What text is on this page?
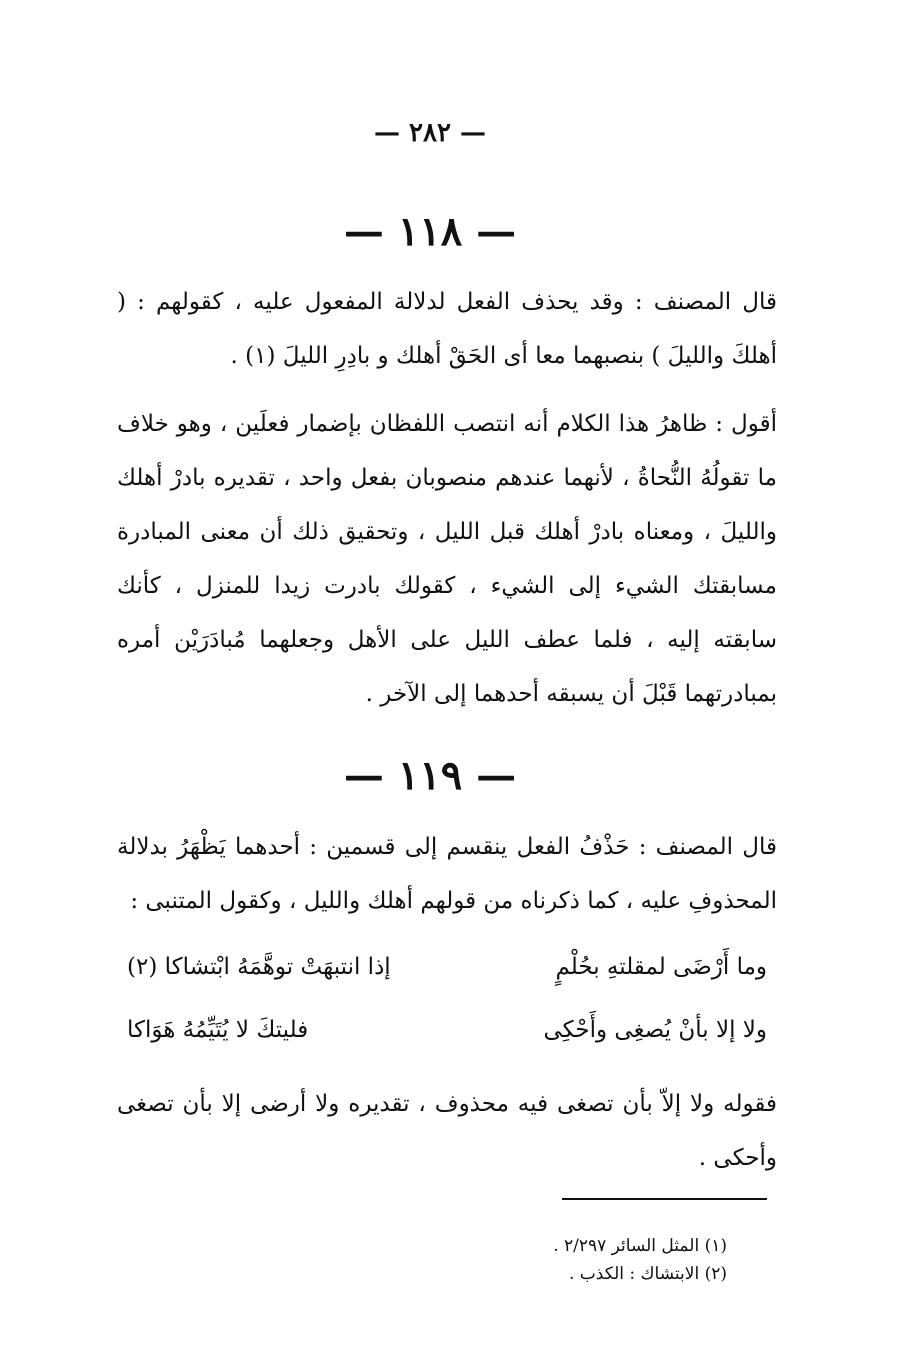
— ٢٨٢ —
— ١١٨ —

قال المصنف : وقد يحذف الفعل لدلالة المفعول عليه ، كقولهم : ( أهلكَ والليلَ ) بنصبهما معا أى الحَقْ أهلك و بادِرِ الليلَ (١) .

أقول : ظاهرُ هذا الكلام أنه انتصب اللفظان بإضمار فعلَين ، وهو خلاف ما تقولُهُ النُّحاةُ ، لأنهما عندهم منصوبان بفعل واحد ، تقديره بادرْ أهلك والليلَ ، ومعناه بادرْ أهلك قبل الليل ، وتحقيق ذلك أن معنى المبادرة مسابقتك الشيء إلى الشيء ، كقولك بادرت زيدا للمنزل ، كأنك سابقته إليه ، فلما عطف الليل على الأهل وجعلهما مُبادَرَيْن أمره بمبادرتهما قَبْلَ أن يسبقه أحدهما إلى الآخر .

— ١١٩ —

قال المصنف : حَذْفُ الفعل ينقسم إلى قسمين : أحدهما يَظْهَرُ بدلالة المحذوفِ عليه ، كما ذكرناه من قولهم أهلك والليل ، وكقول المتنبى :

وما أَرْضَى لمقلتهِ بحُلْمٍ
إذا انتبهَتْ توهَّمَهُ ابْتشاكا (٢)
ولا إلا بأنْ يُصغِى وأَحْكِى
فليتكَ لا يُتَيِّمُهُ هَوَاكا

فقوله ولا إلاّ بأن تصغى فيه محذوف ، تقديره ولا أرضى إلا بأن تصغى وأحكى .

(١) المثل السائر ٢/٢٩٧ .
(٢) الابتشاك : الكذب .
